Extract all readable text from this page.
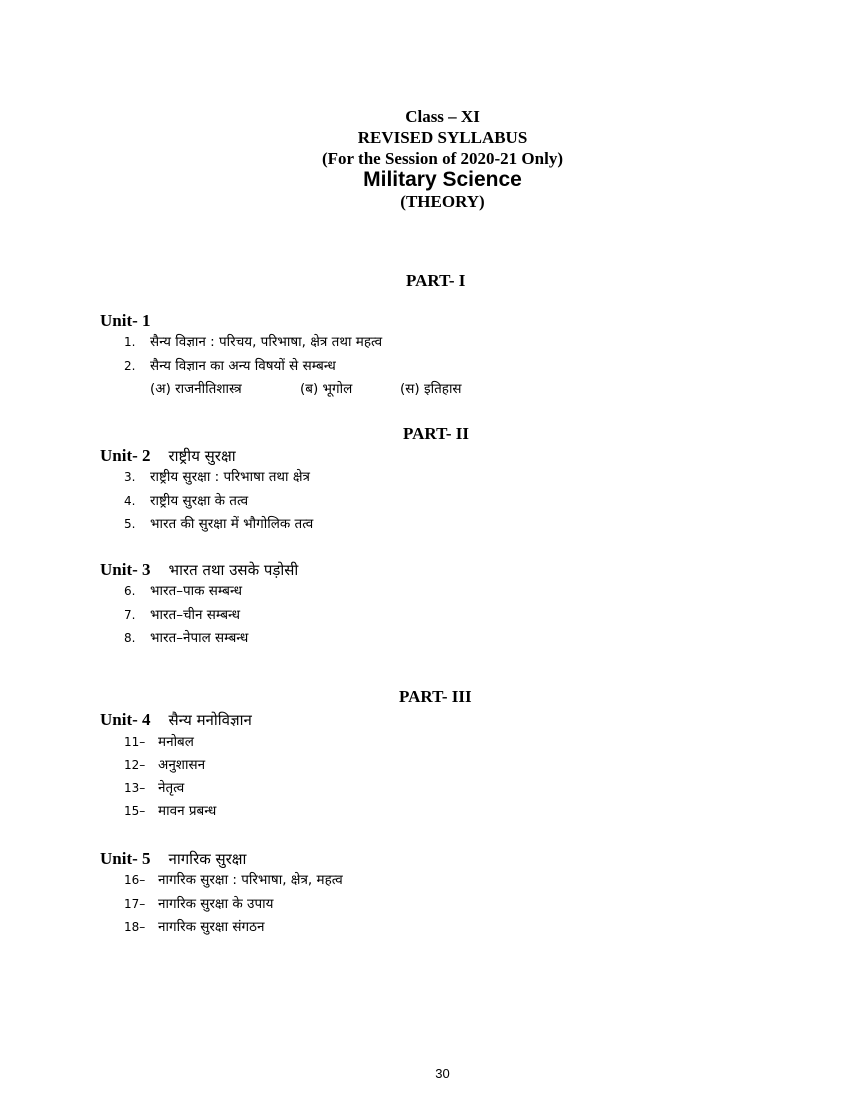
Class – XI
REVISED SYLLABUS
(For the Session of 2020-21 Only)
Military Science
(THEORY)
PART- I
Unit- 1
1. सैन्य विज्ञान : परिचय, परिभाषा, क्षेत्र तथा महत्व
2. सैन्य विज्ञान का अन्य विषयों से सम्बन्ध
(अ) राजनीतिशास्त्र	(ब) भूगोल	(स) इतिहास
PART- II
Unit- 2 राष्ट्रीय सुरक्षा
3. राष्ट्रीय सुरक्षा : परिभाषा तथा क्षेत्र
4. राष्ट्रीय सुरक्षा के तत्व
5. भारत की सुरक्षा में भौगोलिक तत्व
Unit- 3 भारत तथा उसके पड़ोसी
6. भारत–पाक सम्बन्ध
7. भारत–चीन सम्बन्ध
8. भारत–नेपाल सम्बन्ध
PART- III
Unit- 4 सैन्य मनोविज्ञान
11– मनोबल
12– अनुशासन
13– नेतृत्व
15– मावन प्रबन्ध
Unit- 5 नागरिक सुरक्षा
16– नागरिक सुरक्षा : परिभाषा, क्षेत्र, महत्व
17– नागरिक सुरक्षा के उपाय
18– नागरिक सुरक्षा संगठन
30
